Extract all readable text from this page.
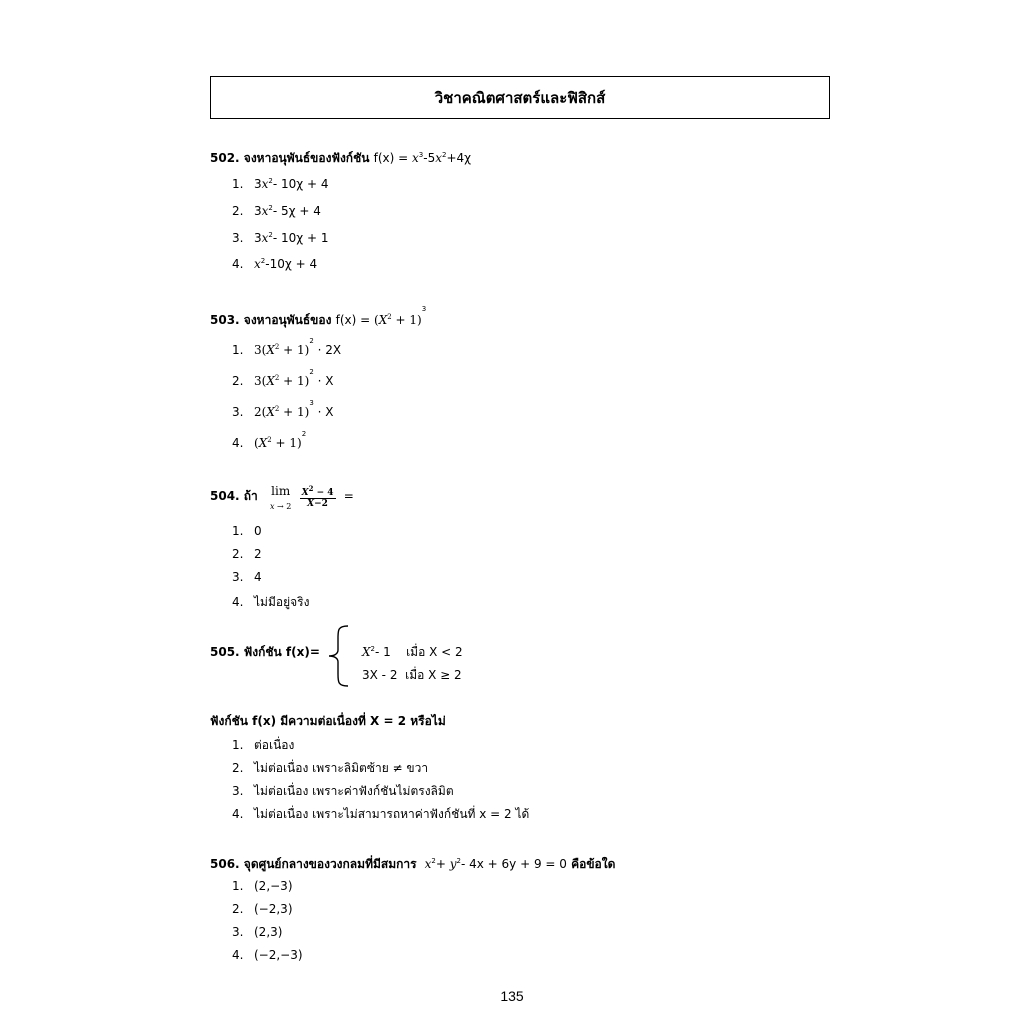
วิชาคณิตศาสตร์และฟิสิกส์
502. จงหาอนุพันธ์ของฟังก์ชัน $f(x) = x^3-5x^2+4\chi$
1. $3x^2-$ 10χ + 4
2. $3x^2-$ 5χ + 4
3. $3x^2-$ 10χ + 1
4. $x^2-10\chi + 4$
503. จงหาอนุพันธ์ของ $f(x) = (X^2 + 1)^3$
1. $3(X^2 + 1)^2 \cdot 2X$
2. $3(X^2 + 1)^2 \cdot X$
3. $2(X^2 + 1)^3 \cdot X$
4. $(X^2 + 1)^2$
504. ถ้า lim
x → 2
$\frac{X^2 - 4}{X-2}$ =
1. 0
2. 2
3. 4
4. ไม่มีอยู่จริง
505. ฟังก์ชัน f(x)=	$X^2-$ 1    เมื่อ X < 2
3X - 2 เมื่อ X ≥ 2
ฟังก์ชัน f(x) มีความต่อเนื่องที่ X = 2 หรือไม่
1. ต่อเนื่อง
2. ไม่ต่อเนื่อง เพราะลิมิตซ้าย ≠ ขวา
3. ไม่ต่อเนื่อง เพราะค่าฟังก์ชันไม่ตรงลิมิต
4. ไม่ต่อเนื่อง เพราะไม่สามารถหาค่าฟังก์ชันที่ x = 2 ได้
506. จุดศูนย์กลางของวงกลมที่มีสมการ $x^2+ y^2-$ 4x + 6y + 9 = 0 คือข้อใด
1. (2,−3)
2. (−2,3)
3. (2,3)
4. (−2,−3)
135
